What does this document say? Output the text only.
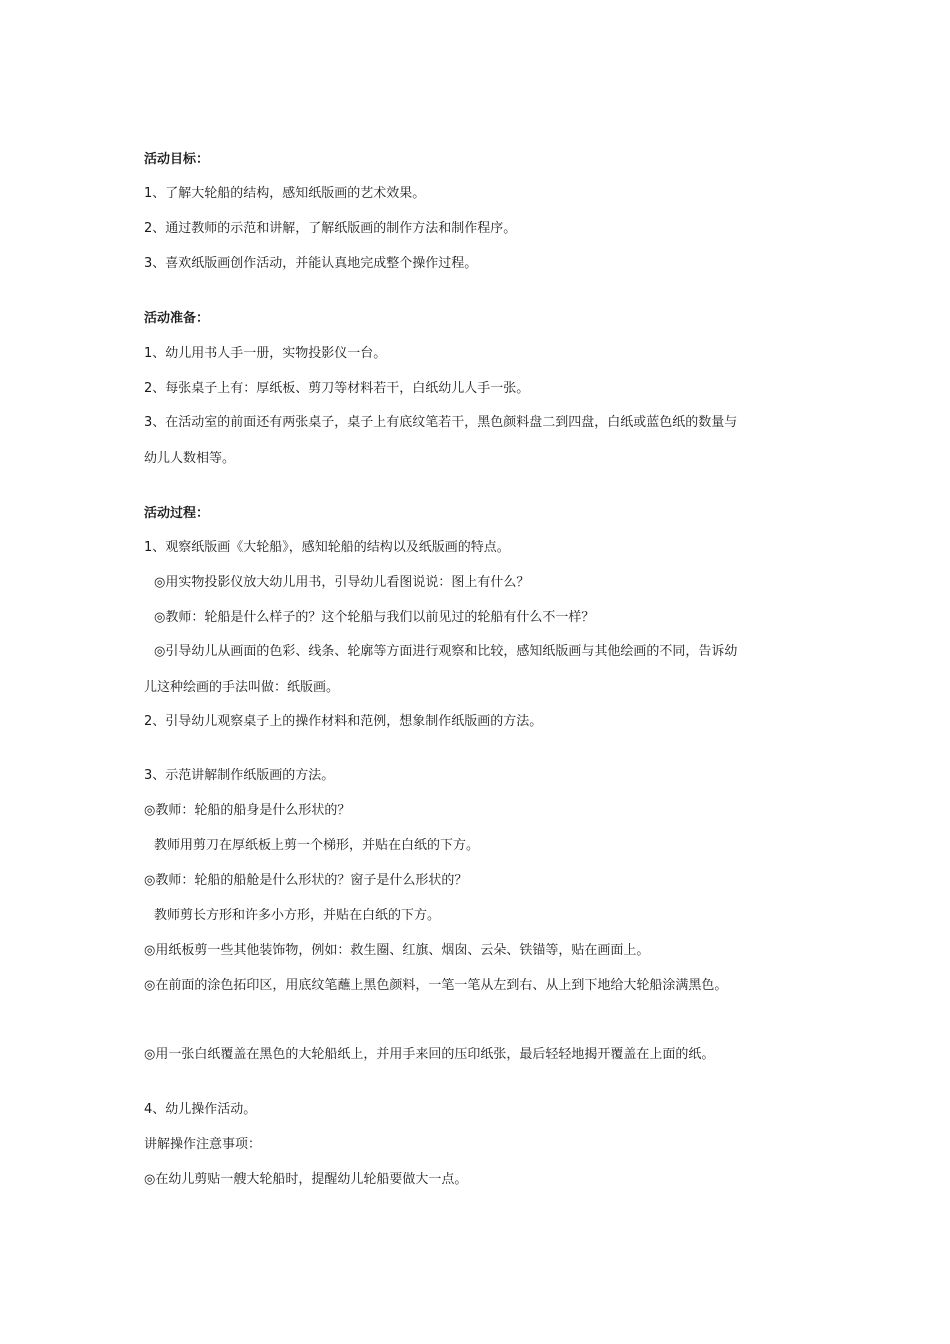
活动目标：
1、了解大轮船的结构，感知纸版画的艺术效果。
2、通过教师的示范和讲解，了解纸版画的制作方法和制作程序。
3、喜欢纸版画创作活动，并能认真地完成整个操作过程。
活动准备：
1、幼儿用书人手一册，实物投影仪一台。
2、每张桌子上有：厚纸板、剪刀等材料若干，白纸幼儿人手一张。
3、在活动室的前面还有两张桌子，桌子上有底纹笔若干，黑色颜料盘二到四盘，白纸或蓝色纸的数量与
幼儿人数相等。
活动过程：
1、观察纸版画《大轮船》，感知轮船的结构以及纸版画的特点。
◎用实物投影仪放大幼儿用书，引导幼儿看图说说：图上有什么？
◎教师：轮船是什么样子的？这个轮船与我们以前见过的轮船有什么不一样？
◎引导幼儿从画面的色彩、线条、轮廓等方面进行观察和比较，感知纸版画与其他绘画的不同，告诉幼
儿这种绘画的手法叫做：纸版画。
2、引导幼儿观察桌子上的操作材料和范例，想象制作纸版画的方法。
3、示范讲解制作纸版画的方法。
◎教师：轮船的船身是什么形状的？
教师用剪刀在厚纸板上剪一个梯形，并贴在白纸的下方。
◎教师：轮船的船舱是什么形状的？窗子是什么形状的？
教师剪长方形和许多小方形，并贴在白纸的下方。
◎用纸板剪一些其他装饰物，例如：救生圈、红旗、烟囱、云朵、铁锚等，贴在画面上。
◎在前面的涂色拓印区，用底纹笔蘸上黑色颜料，一笔一笔从左到右、从上到下地给大轮船涂满黑色。
◎用一张白纸覆盖在黑色的大轮船纸上，并用手来回的压印纸张，最后轻轻地揭开覆盖在上面的纸。
4、幼儿操作活动。
讲解操作注意事项：
◎在幼儿剪贴一艘大轮船时，提醒幼儿轮船要做大一点。
